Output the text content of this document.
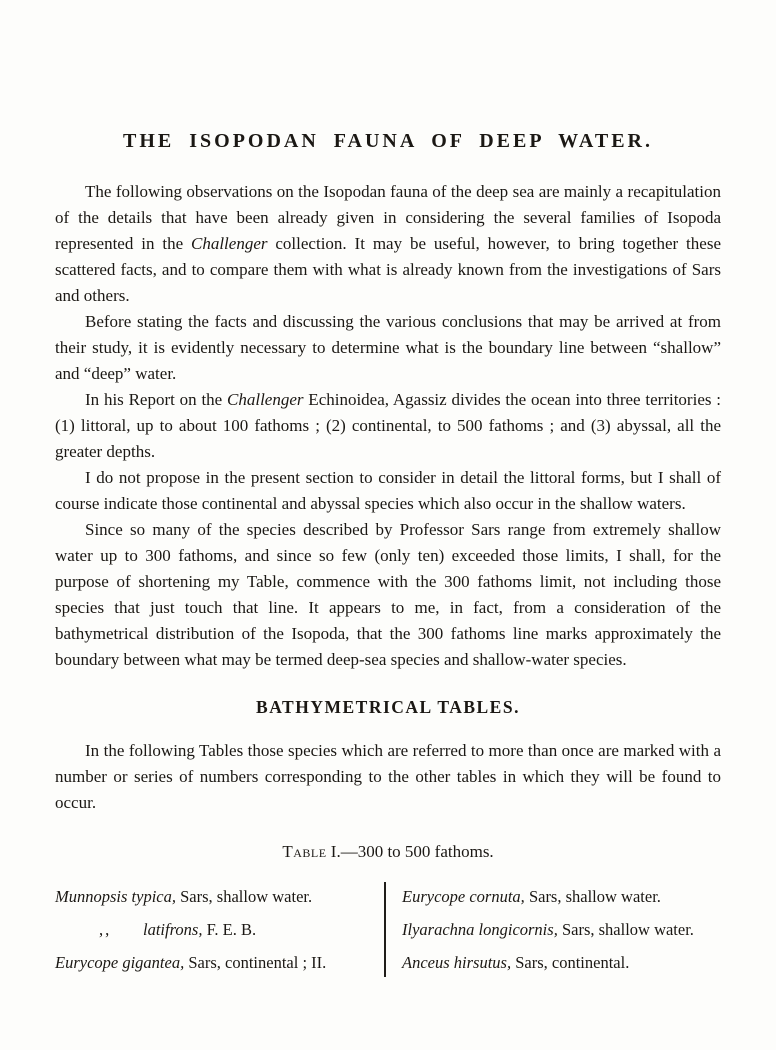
THE ISOPODAN FAUNA OF DEEP WATER.

The following observations on the Isopodan fauna of the deep sea are mainly a recapitulation of the details that have been already given in considering the several families of Isopoda represented in the Challenger collection. It may be useful, however, to bring together these scattered facts, and to compare them with what is already known from the investigations of Sars and others.

Before stating the facts and discussing the various conclusions that may be arrived at from their study, it is evidently necessary to determine what is the boundary line between “shallow” and “deep” water.

In his Report on the Challenger Echinoidea, Agassiz divides the ocean into three territories : (1) littoral, up to about 100 fathoms ; (2) continental, to 500 fathoms ; and (3) abyssal, all the greater depths.

I do not propose in the present section to consider in detail the littoral forms, but I shall of course indicate those continental and abyssal species which also occur in the shallow waters.

Since so many of the species described by Professor Sars range from extremely shallow water up to 300 fathoms, and since so few (only ten) exceeded those limits, I shall, for the purpose of shortening my Table, commence with the 300 fathoms limit, not including those species that just touch that line. It appears to me, in fact, from a consideration of the bathymetrical distribution of the Isopoda, that the 300 fathoms line marks approximately the boundary between what may be termed deep-sea species and shallow-water species.

BATHYMETRICAL TABLES.

In the following Tables those species which are referred to more than once are marked with a number or series of numbers corresponding to the other tables in which they will be found to occur.

Table I.—300 to 500 fathoms.
Munnopsis typica, Sars, shallow water.
,, latifrons, F. E. B.
Eurycope gigantea, Sars, continental ; II.
Eurycope cornuta, Sars, shallow water.
Ilyarachna longicornis, Sars, shallow water.
Anceus hirsutus, Sars, continental.
